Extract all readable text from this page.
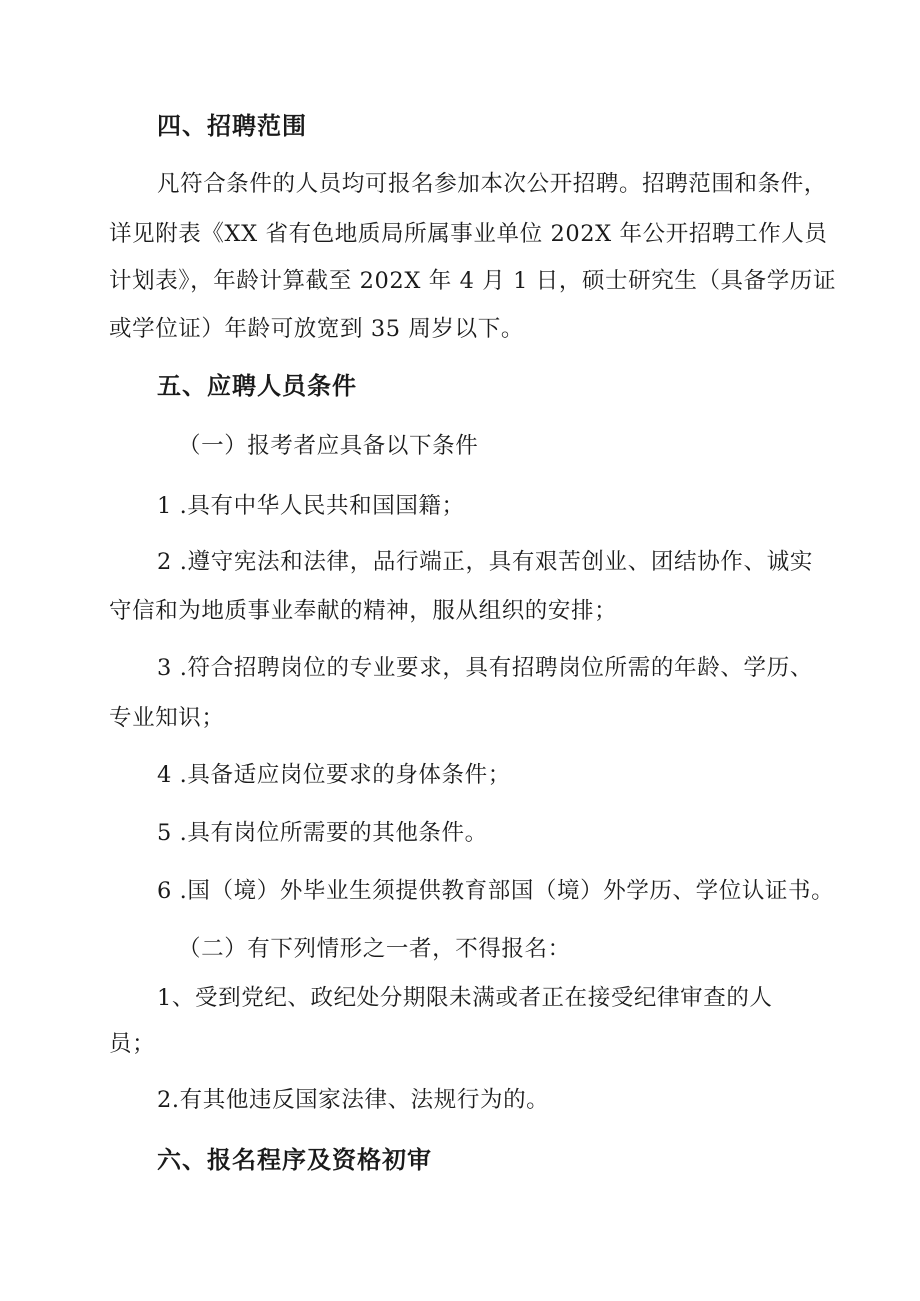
四、招聘范围
凡符合条件的人员均可报名参加本次公开招聘。招聘范围和条件，
详见附表《XX 省有色地质局所属事业单位 202X 年公开招聘工作人员
计划表》，年龄计算截至 202X 年 4 月 1 日，硕士研究生（具备学历证
或学位证）年龄可放宽到 35 周岁以下。
五、应聘人员条件
（一）报考者应具备以下条件
1 .具有中华人民共和国国籍；
2 .遵守宪法和法律，品行端正，具有艰苦创业、团结协作、诚实
守信和为地质事业奉献的精神，服从组织的安排；
3 .符合招聘岗位的专业要求，具有招聘岗位所需的年龄、学历、
专业知识；
4 .具备适应岗位要求的身体条件；
5 .具有岗位所需要的其他条件。
6 .国（境）外毕业生须提供教育部国（境）外学历、学位认证书。
（二）有下列情形之一者，不得报名：
1、受到党纪、政纪处分期限未满或者正在接受纪律审查的人
员；
2.有其他违反国家法律、法规行为的。
六、报名程序及资格初审
